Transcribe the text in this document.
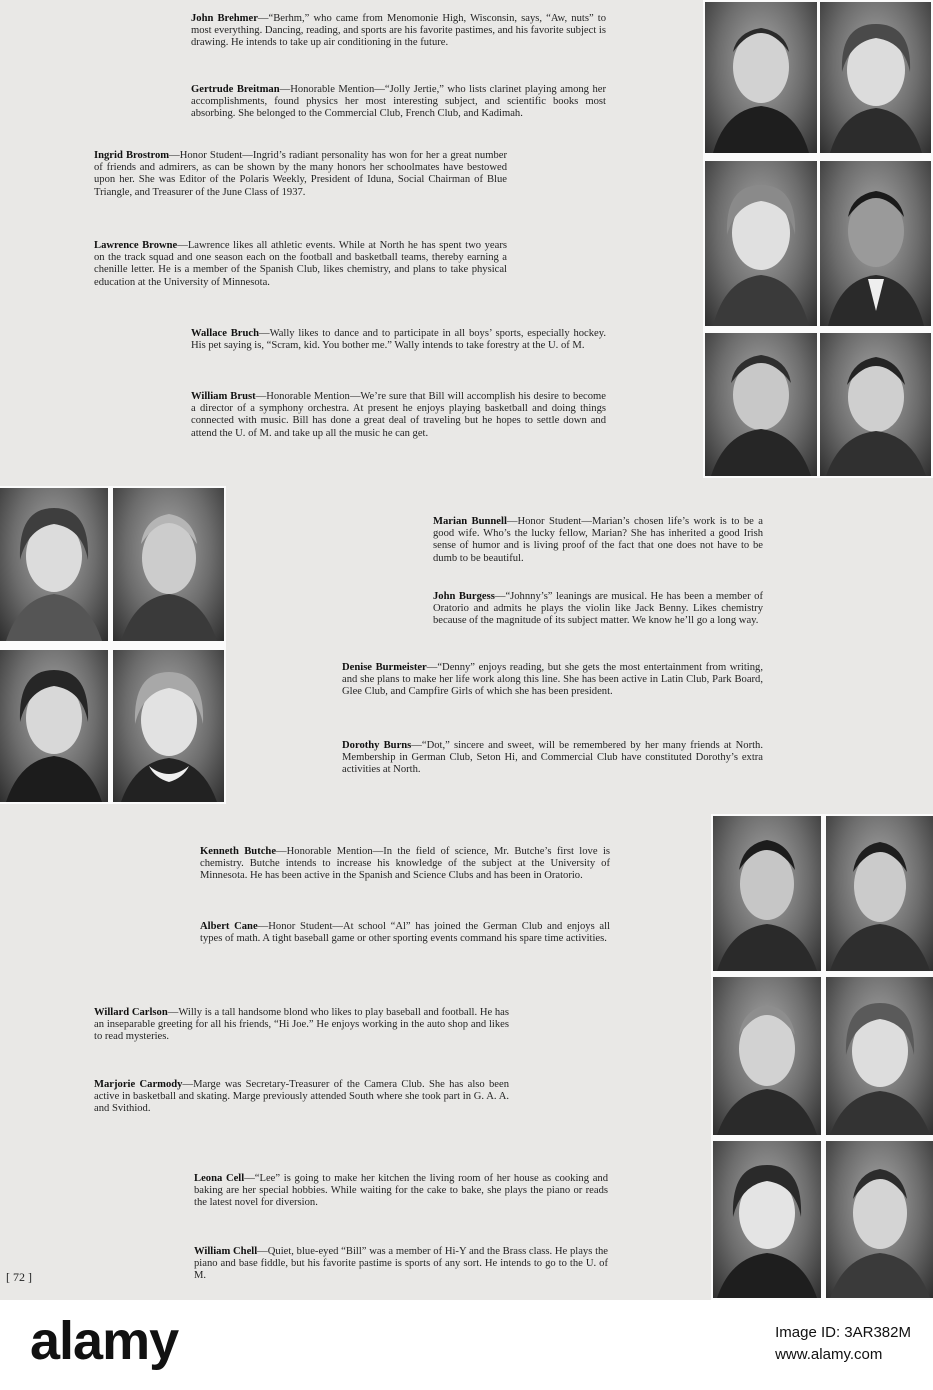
John Brehmer—“Berhm,” who came from Menomonie High, Wisconsin, says, “Aw, nuts” to most everything. Dancing, reading, and sports are his favorite pastimes, and his favorite subject is drawing. He intends to take up air conditioning in the future.

Gertrude Breitman—Honorable Mention—“Jolly Jertie,” who lists clarinet playing among her accomplishments, found physics her most interesting subject, and scientific books most absorbing. She belonged to the Commercial Club, French Club, and Kadimah.

Ingrid Brostrom—Honor Student—Ingrid’s radiant personality has won for her a great number of friends and admirers, as can be shown by the many honors her schoolmates have bestowed upon her. She was Editor of the Polaris Weekly, President of Iduna, Social Chairman of Blue Triangle, and Treasurer of the June Class of 1937.

Lawrence Browne—Lawrence likes all athletic events. While at North he has spent two years on the track squad and one season each on the football and basketball teams, thereby earning a chenille letter. He is a member of the Spanish Club, likes chemistry, and plans to take physical education at the University of Minnesota.

Wallace Bruch—Wally likes to dance and to participate in all boys’ sports, especially hockey. His pet saying is, “Scram, kid. You bother me.” Wally intends to take forestry at the U. of M.

William Brust—Honorable Mention—We’re sure that Bill will accomplish his desire to become a director of a symphony orchestra. At present he enjoys playing basketball and doing things connected with music. Bill has done a great deal of traveling but he hopes to settle down and attend the U. of M. and take up all the music he can get.

Marian Bunnell—Honor Student—Marian’s chosen life’s work is to be a good wife. Who’s the lucky fellow, Marian? She has inherited a good Irish sense of humor and is living proof of the fact that one does not have to be dumb to be beautiful.

John Burgess—“Johnny’s” leanings are musical. He has been a member of Oratorio and admits he plays the violin like Jack Benny. Likes chemistry because of the magnitude of its subject matter. We know he’ll go a long way.

Denise Burmeister—“Denny” enjoys reading, but she gets the most entertainment from writing, and she plans to make her life work along this line. She has been active in Latin Club, Park Board, Glee Club, and Campfire Girls of which she has been president.

Dorothy Burns—“Dot,” sincere and sweet, will be remembered by her many friends at North. Membership in German Club, Seton Hi, and Commercial Club have constituted Dorothy’s extra activities at North.

Kenneth Butche—Honorable Mention—In the field of science, Mr. Butche’s first love is chemistry. Butche intends to increase his knowledge of the subject at the University of Minnesota. He has been active in the Spanish and Science Clubs and has been in Oratorio.

Albert Cane—Honor Student—At school “Al” has joined the German Club and enjoys all types of math. A tight baseball game or other sporting events command his spare time activities.

Willard Carlson—Willy is a tall handsome blond who likes to play baseball and football. He has an inseparable greeting for all his friends, “Hi Joe.” He enjoys working in the auto shop and likes to read mysteries.

Marjorie Carmody—Marge was Secretary-Treasurer of the Camera Club. She has also been active in basketball and skating. Marge previously attended South where she took part in G. A. A. and Svithiod.

Leona Cell—“Lee” is going to make her kitchen the living room of her house as cooking and baking are her special hobbies. While waiting for the cake to bake, she plays the piano or reads the latest novel for diversion.

William Chell—Quiet, blue-eyed “Bill” was a member of Hi-Y and the Brass class. He plays the piano and base fiddle, but his favorite pastime is sports of any sort. He intends to go to the U. of M.

[ 72 ]
alamy	Image ID: 3AR382M
www.alamy.com
